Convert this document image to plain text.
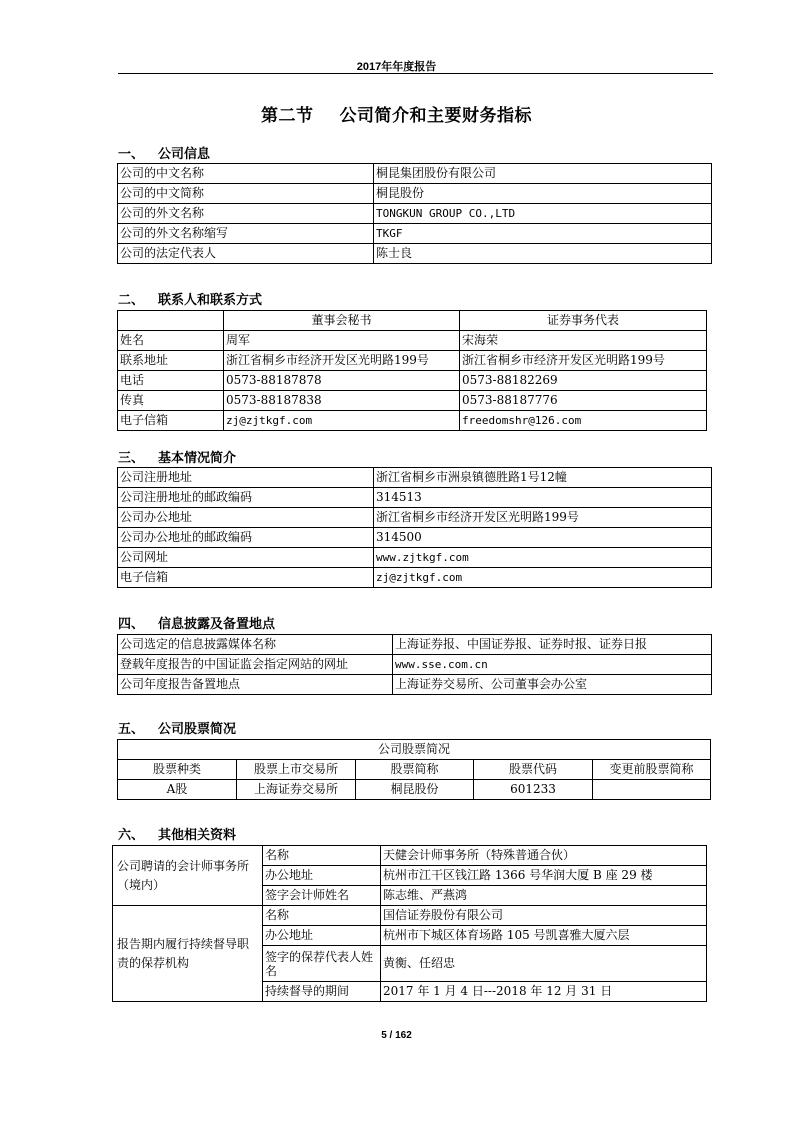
2017年年度报告
第二节 公司简介和主要财务指标
一、 公司信息
公司的中文名称	桐昆集团股份有限公司
公司的中文简称	桐昆股份
公司的外文名称	TONGKUN GROUP CO.,LTD
公司的外文名称缩写	TKGF
公司的法定代表人	陈士良
二、 联系人和联系方式
	董事会秘书	证券事务代表
姓名	周军	宋海荣
联系地址	浙江省桐乡市经济开发区光明路199号	浙江省桐乡市经济开发区光明路199号
电话	0573-88187878	0573-88182269
传真	0573-88187838	0573-88187776
电子信箱	zj@zjtkgf.com	freedomshr@126.com
三、 基本情况简介
公司注册地址	浙江省桐乡市洲泉镇德胜路1号12幢
公司注册地址的邮政编码	314513
公司办公地址	浙江省桐乡市经济开发区光明路199号
公司办公地址的邮政编码	314500
公司网址	www.zjtkgf.com
电子信箱	zj@zjtkgf.com
四、 信息披露及备置地点
公司选定的信息披露媒体名称	上海证券报、中国证券报、证券时报、证券日报
登载年度报告的中国证监会指定网站的网址	www.sse.com.cn
公司年度报告备置地点	上海证券交易所、公司董事会办公室
五、 公司股票简况
公司股票简况				
股票种类	股票上市交易所	股票简称	股票代码	变更前股票简称
A股	上海证券交易所	桐昆股份	601233	
六、 其他相关资料
公司聘请的会计师事务所（境内）	名称	天健会计师事务所（特殊普通合伙）
	办公地址	杭州市江干区钱江路 1366 号华润大厦 B 座 29 楼
	签字会计师姓名	陈志维、严燕鸿
报告期内履行持续督导职责的保荐机构	名称	国信证券股份有限公司
	办公地址	杭州市下城区体育场路 105 号凯喜雅大厦六层
	签字的保荐代表人姓名	黄衡、任绍忠
	持续督导的期间	2017 年 1 月 4 日---2018 年 12 月 31 日
5 / 162
